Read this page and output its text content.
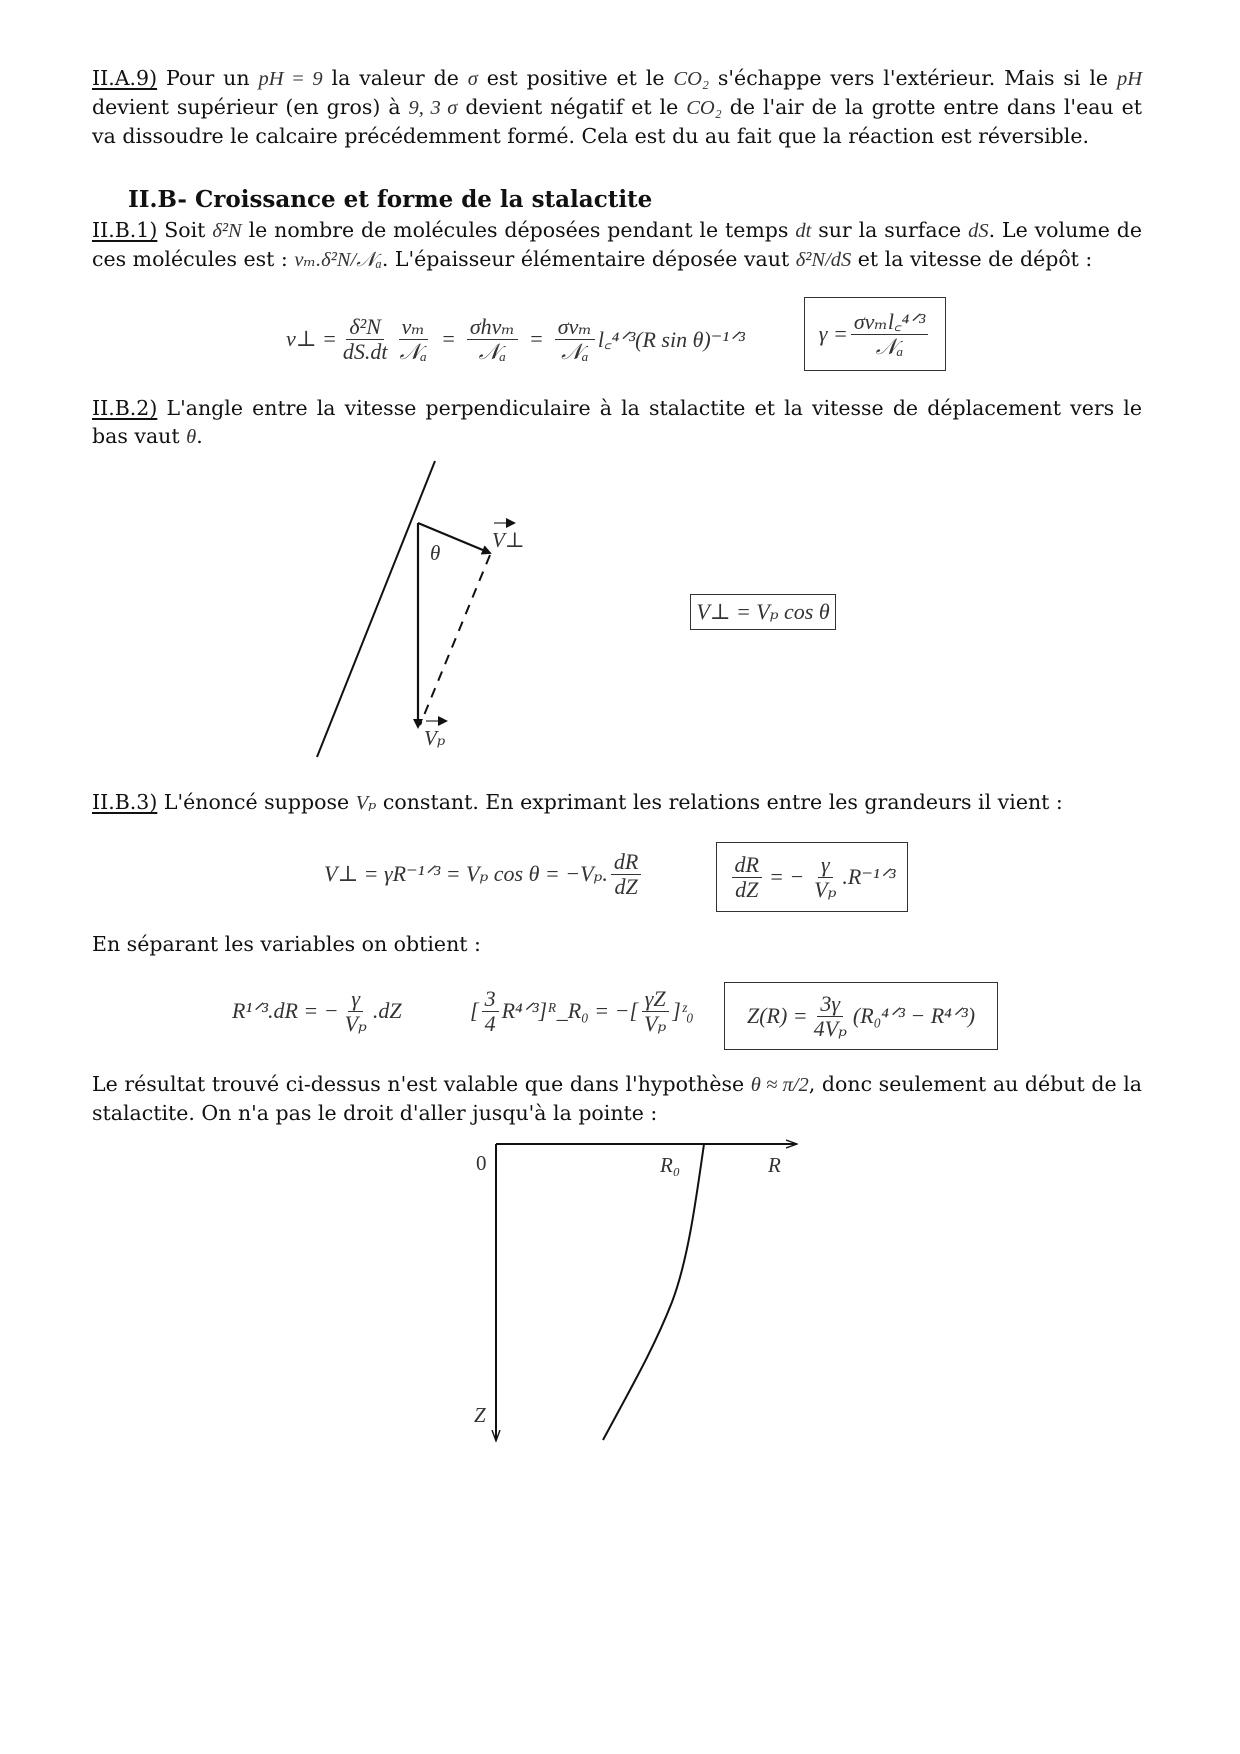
II.A.9) Pour un pH = 9 la valeur de σ est positive et le CO₂ s'échappe vers l'extérieur. Mais si le pH devient supérieur (en gros) à 9, 3 σ devient négatif et le CO₂ de l'air de la grotte entre dans l'eau et va dissoudre le calcaire précédemment formé. Cela est du au fait que la réaction est réversible.
II.B- Croissance et forme de la stalactite
II.B.1) Soit δ²N le nombre de molécules déposées pendant le temps dt sur la surface dS. Le volume de ces molécules est : vₘ.δ²N/𝒩ₐ. L'épaisseur élémentaire déposée vaut δ²N/dS et la vitesse de dépôt :
v⊥ = $\frac{\text{δ²N}}{dS.dt} \frac{\text{vₘ}}{\text{𝒩ₐ}} = \frac{\text{σhvₘ}}{\text{𝒩ₐ}} = \frac{\text{σvₘ}}{\text{𝒩ₐ}}$ l꜀⁴ᐟ³(R sin θ)⁻¹ᐟ³	$\gamma = \frac{\text{σvₘl꜀⁴ᐟ³}}{\text{𝒩ₐ}}$
II.B.2) L'angle entre la vitesse perpendiculaire à la stalactite et la vitesse de déplacement vers le bas vaut θ.
θ
V⊥
Vₚ
V⊥ = Vₚ cos θ
II.B.3) L'énoncé suppose Vₚ constant. En exprimant les relations entre les grandeurs il vient :
V⊥ = γR⁻¹ᐟ³ = Vₚ cos θ = −Vₚ. $\frac{dR}{dZ}$	$\frac{dR}{dZ}$ = − $\frac{\gamma}{\text{Vₚ}}$ .R⁻¹ᐟ³
En séparant les variables on obtient :
R¹ᐟ³.dR = − $\frac{\gamma}{\text{Vₚ}} .dZ$	[ $\frac{3}{4}$ R⁴ᐟ³]ᴿ_R₀ = −[ $\frac{\gamma Z}{\text{Vₚ}}$ ]ᶻ₀ $Z(R) = \frac{3\gamma}{\text{4Vₚ}}$ (R₀⁴ᐟ³ − R⁴ᐟ³)
Le résultat trouvé ci-dessus n'est valable que dans l'hypothèse θ ≈ π/2, donc seulement au début de la stalactite. On n'a pas le droit d'aller jusqu'à la pointe :
0	R₀	R
Z
